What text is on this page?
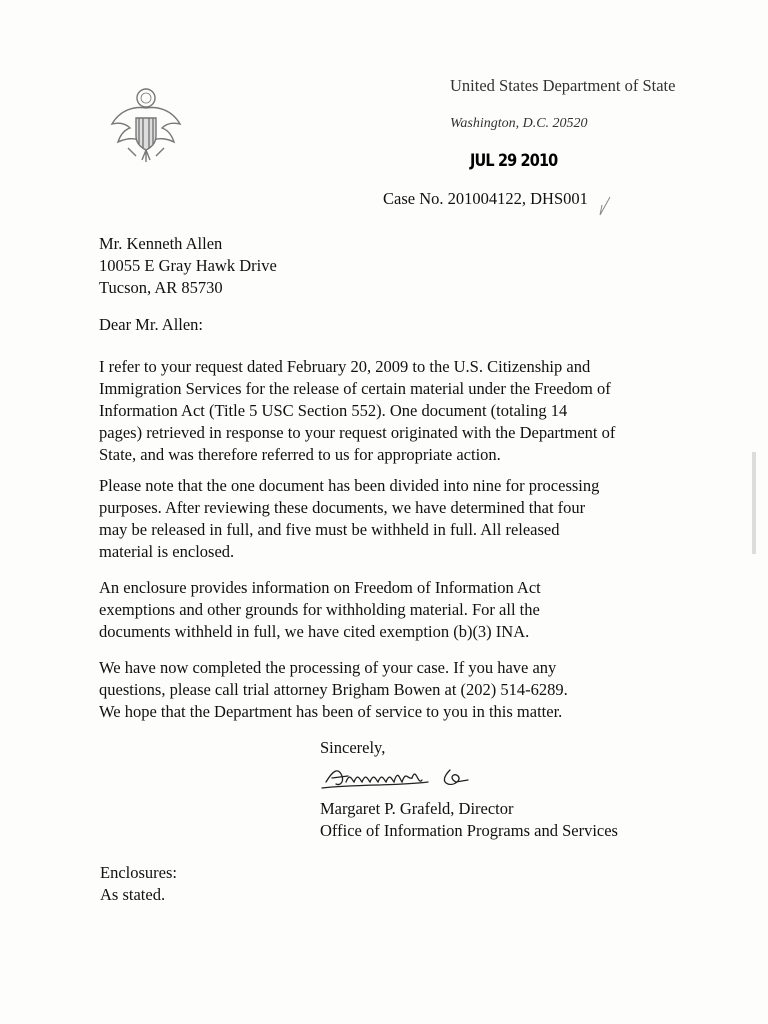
United States Department of State
Washington, D.C. 20520
JUL 29 2010
Case No. 201004122, DHS001
Mr. Kenneth Allen
10055 E Gray Hawk Drive
Tucson, AR 85730
Dear Mr. Allen:

I refer to your request dated February 20, 2009 to the U.S. Citizenship and
Immigration Services for the release of certain material under the Freedom of
Information Act (Title 5 USC Section 552). One document (totaling 14
pages) retrieved in response to your request originated with the Department of
State, and was therefore referred to us for appropriate action.

Please note that the one document has been divided into nine for processing
purposes. After reviewing these documents, we have determined that four
may be released in full, and five must be withheld in full. All released
material is enclosed.

An enclosure provides information on Freedom of Information Act
exemptions and other grounds for withholding material. For all the
documents withheld in full, we have cited exemption (b)(3) INA.

We have now completed the processing of your case. If you have any
questions, please call trial attorney Brigham Bowen at (202) 514-6289.
We hope that the Department has been of service to you in this matter.

Sincerely,
Margaret P. Grafeld, Director
Office of Information Programs and Services
Enclosures:
As stated.
